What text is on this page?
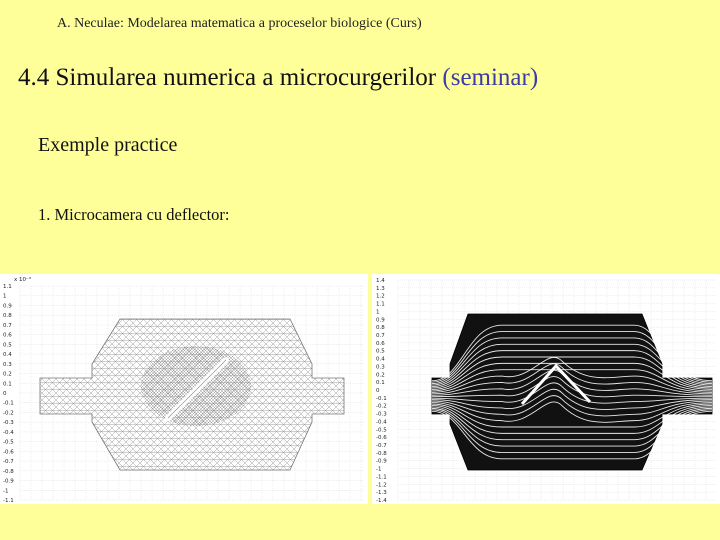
A. Neculae: Modelarea matematica a proceselor biologice (Curs)
4.4 Simularea numerica a microcurgerilor (seminar)
Exemple practice
1. Microcamera cu deflector:
x 10⁻³
1.1
1
0.9
0.8
0.7
0.6
0.5
0.4
0.3
0.2
0.1
0
-0.1
-0.2
-0.3
-0.4
-0.5
-0.6
-0.7
-0.8
-0.9
-1
-1.1
1.4
1.3
1.2
1.1
1
0.9
0.8
0.7
0.6
0.5
0.4
0.3
0.2
0.1
0
-0.1
-0.2
-0.3
-0.4
-0.5
-0.6
-0.7
-0.8
-0.9
-1
-1.1
-1.2
-1.3
-1.4
